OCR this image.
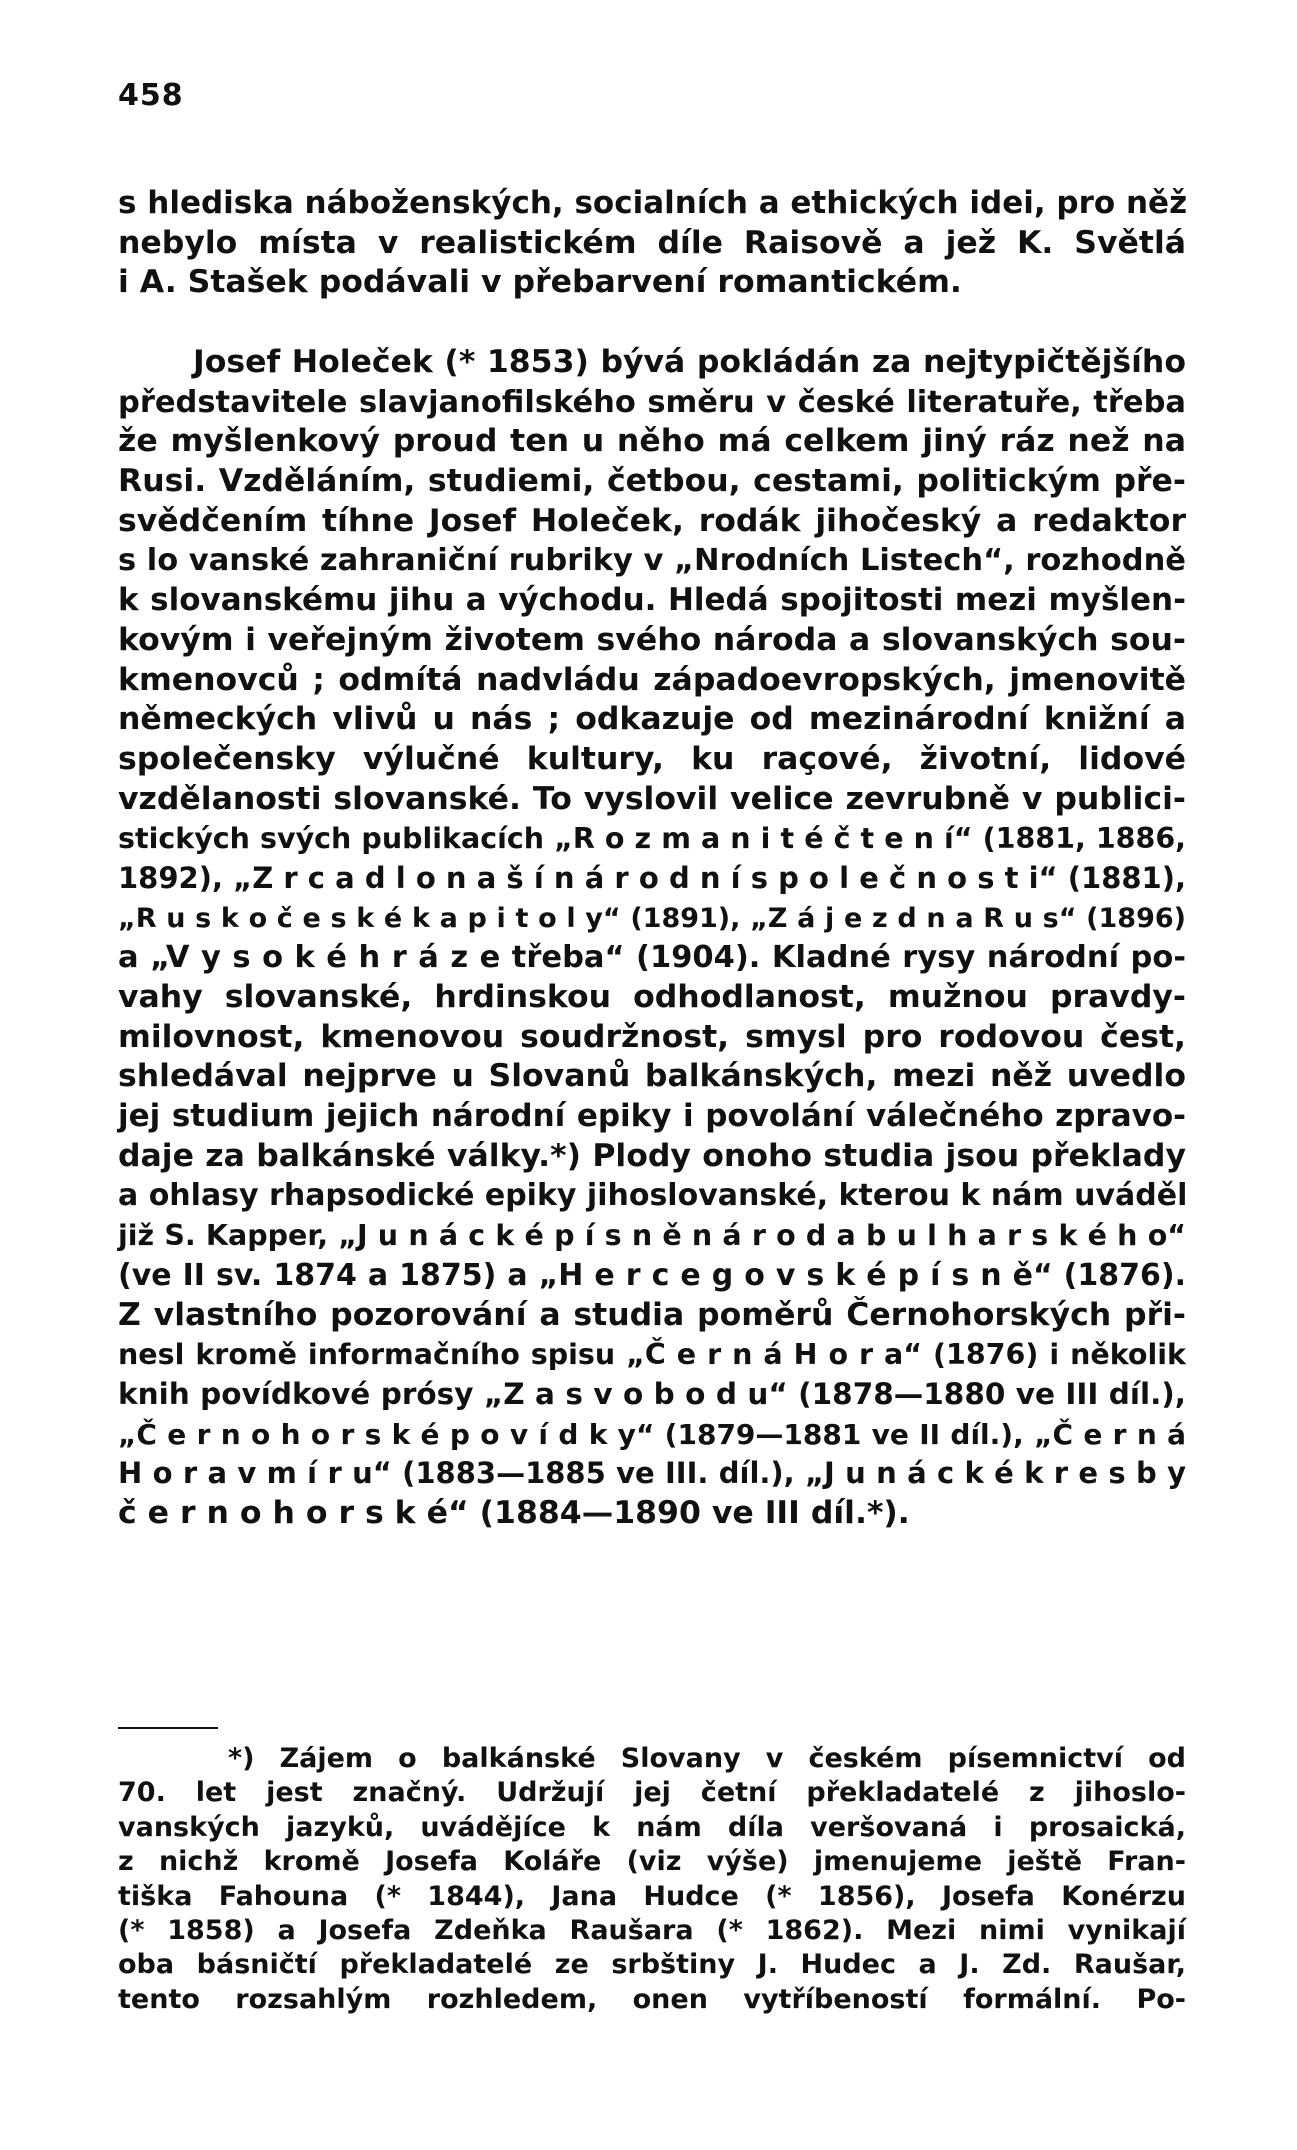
458
s hlediska náboženských, socialních a ethických idei, pro něž
nebylo místa v realistickém díle Raisově a jež K. Světlá
i A. Stašek podávali v přebarvení romantickém.
Josef Holeček (* 1853) bývá pokládán za nejtypičtějšího
představitele slavjanofilského směru v české literatuře, třeba
že myšlenkový proud ten u něho má celkem jiný ráz než na
Rusi. Vzděláním, studiemi, četbou, cestami, politickým pře-
svědčením tíhne Josef Holeček, rodák jihočeský a redaktor
s lo vanské zahraniční rubriky v „Nrodních Listech“, rozhodně
k slovanskému jihu a východu. Hledá spojitosti mezi myšlen-
kovým i veřejným životem svého národa a slovanských sou-
kmenovců ; odmítá nadvládu západoevropských, jmenovitě
německých vlivů u nás ; odkazuje od mezinárodní knižní a
společensky výlučné kultury, ku raçové, životní, lidové
vzdělanosti slovanské. To vyslovil velice zevrubně v publici-
stických svých publikacích „R o z m a n i t é č t e n í“ (1881, 1886,
1892), „Z r c a d l o n a š í n á r o d n í s p o l e č n o s t i“ (1881),
„R u s k o č e s k é k a p i t o l y“ (1891), „Z á j e z d n a R u s“ (1896)
a „V y s o k é h r á z e třeba“ (1904). Kladné rysy národní po-
vahy slovanské, hrdinskou odhodlanost, mužnou pravdy-
milovnost, kmenovou soudržnost, smysl pro rodovou čest,
shledával nejprve u Slovanů balkánských, mezi něž uvedlo
jej studium jejich národní epiky i povolání válečného zpravo-
daje za balkánské války.*) Plody onoho studia jsou překlady
a ohlasy rhapsodické epiky jihoslovanské, kterou k nám uváděl
již S. Kapper, „J u n á c k é p í s n ě n á r o d a b u l h a r s k é h o“
(ve II sv. 1874 a 1875) a „H e r c e g o v s k é p í s n ě“ (1876).
Z vlastního pozorování a studia poměrů Černohorských při-
nesl kromě informačního spisu „Č e r n á H o r a“ (1876) i několik
knih povídkové prósy „Z a s v o b o d u“ (1878—1880 ve III díl.),
„Č e r n o h o r s k é p o v í d k y“ (1879—1881 ve II díl.), „Č e r n á
H o r a v m í r u“ (1883—1885 ve III. díl.), „J u n á c k é k r e s b y
č e r n o h o r s k é“ (1884—1890 ve III díl.*).
*) Zájem o balkánské Slovany v českém písemnictví od
70. let jest značný. Udržují jej četní překladatelé z jihoslo-
vanských jazyků, uvádějíce k nám díla veršovaná i prosaická,
z nichž kromě Josefa Koláře (viz výše) jmenujeme ještě Fran-
tiška Fahouna (* 1844), Jana Hudce (* 1856), Josefa Konérzu
(* 1858) a Josefa Zdeňka Raušara (* 1862). Mezi nimi vynikají
oba básničtí překladatelé ze srbštiny J. Hudec a J. Zd. Raušar,
tento rozsahlým rozhledem, onen vytříbeností formální. Po-
